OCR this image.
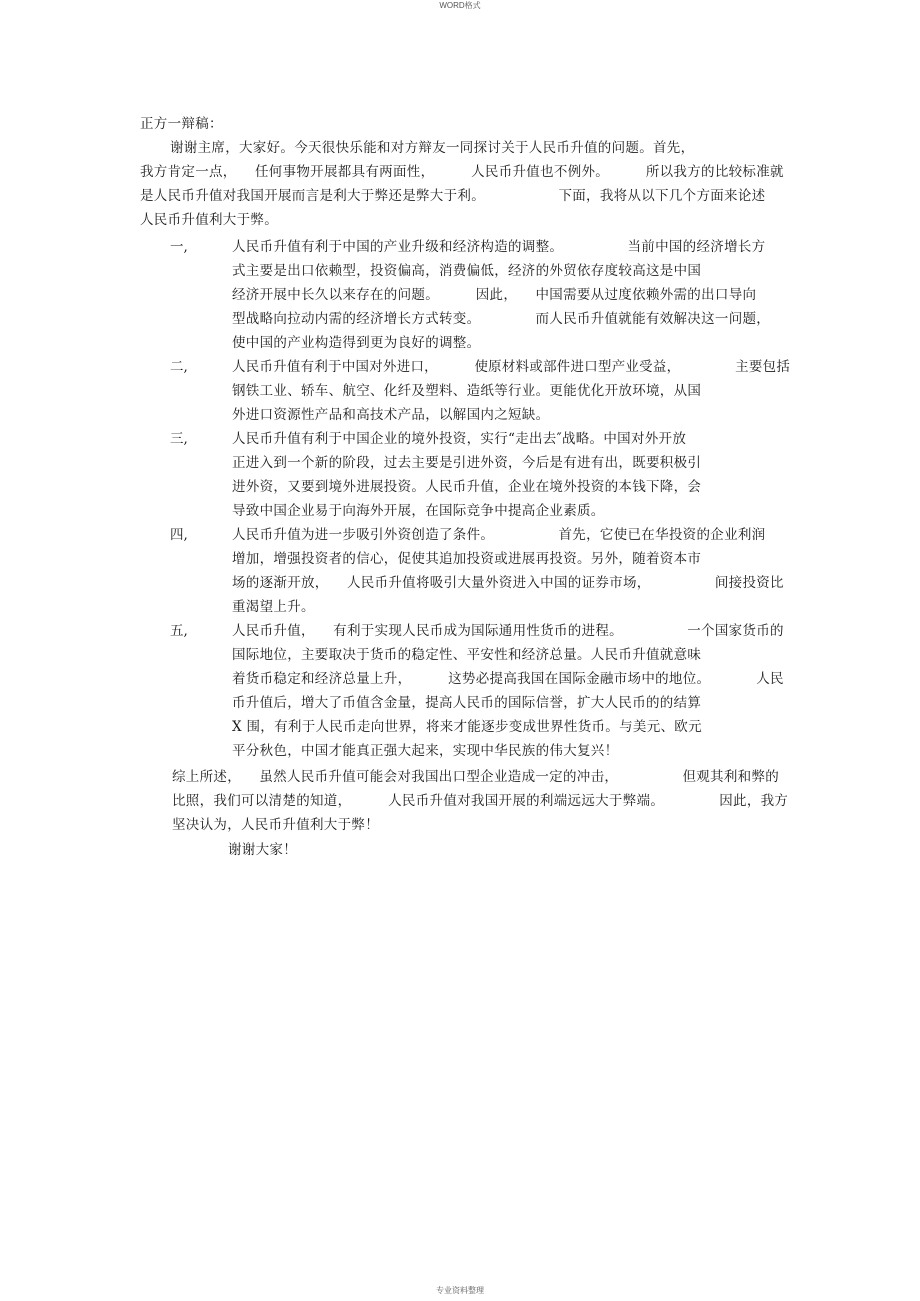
WORD格式
正方一辩稿：
谢谢主席，大家好。今天很快乐能和对方辩友一同探讨关于人民币升值的问题。首先，
我方肯定一点，    任何事物开展都具有两面性，        人民币升值也不例外。        所以我方的比较标准就
是人民币升值对我国开展而言是利大于弊还是弊大于利。                下面，我将从以下几个方面来论述
人民币升值利大于弊。
一,	人民币升值有利于中国的产业升级和经济构造的调整。              当前中国的经济增长方
式主要是出口依赖型，投资偏高，消费偏低，经济的外贸依存度较高这是中国
经济开展中长久以来存在的问题。        因此，    中国需要从过度依赖外需的出口导向
型战略向拉动内需的经济增长方式转变。            而人民币升值就能有效解决这一问题，
使中国的产业构造得到更为良好的调整。
二,	人民币升值有利于中国对外进口，        使原材料或部件进口型产业受益，            主要包括
钢铁工业、轿车、航空、化纤及塑料、造纸等行业。更能优化开放环境，从国
外进口资源性产品和高技术产品，以解国内之短缺。
三,	人民币升值有利于中国企业的境外投资，实行“走出去″战略。中国对外开放
正进入到一个新的阶段，过去主要是引进外资，今后是有进有出，既要积极引
进外资，又要到境外进展投资。人民币升值，企业在境外投资的本钱下降，会
导致中国企业易于向海外开展，在国际竞争中提高企业素质。
四,	人民币升值为进一步吸引外资创造了条件。              首先，它使已在华投资的企业利润
增加，增强投资者的信心，促使其追加投资或进展再投资。另外，随着资本市
场的逐渐开放，    人民币升值将吸引大量外资进入中国的证券市场，              间接投资比
重渴望上升。
五,	人民币升值，    有利于实现人民币成为国际通用性货币的进程。              一个国家货币的
国际地位，主要取决于货币的稳定性、平安性和经济总量。人民币升值就意味
着货币稳定和经济总量上升，        这势必提高我国在国际金融市场中的地位。          人民
币升值后，增大了币值含金量，提高人民币的国际信誉，扩大人民币的的结算
X 围，有利于人民币走向世界，将来才能逐步变成世界性货币。与美元、欧元
平分秋色，中国才能真正强大起来，实现中华民族的伟大复兴！
综上所述，    虽然人民币升值可能会对我国出口型企业造成一定的冲击，              但观其利和弊的
比照，我们可以清楚的知道，        人民币升值对我国开展的利端远远大于弊端。            因此，我方
坚决认为，人民币升值利大于弊！
谢谢大家！
专业资料整理
